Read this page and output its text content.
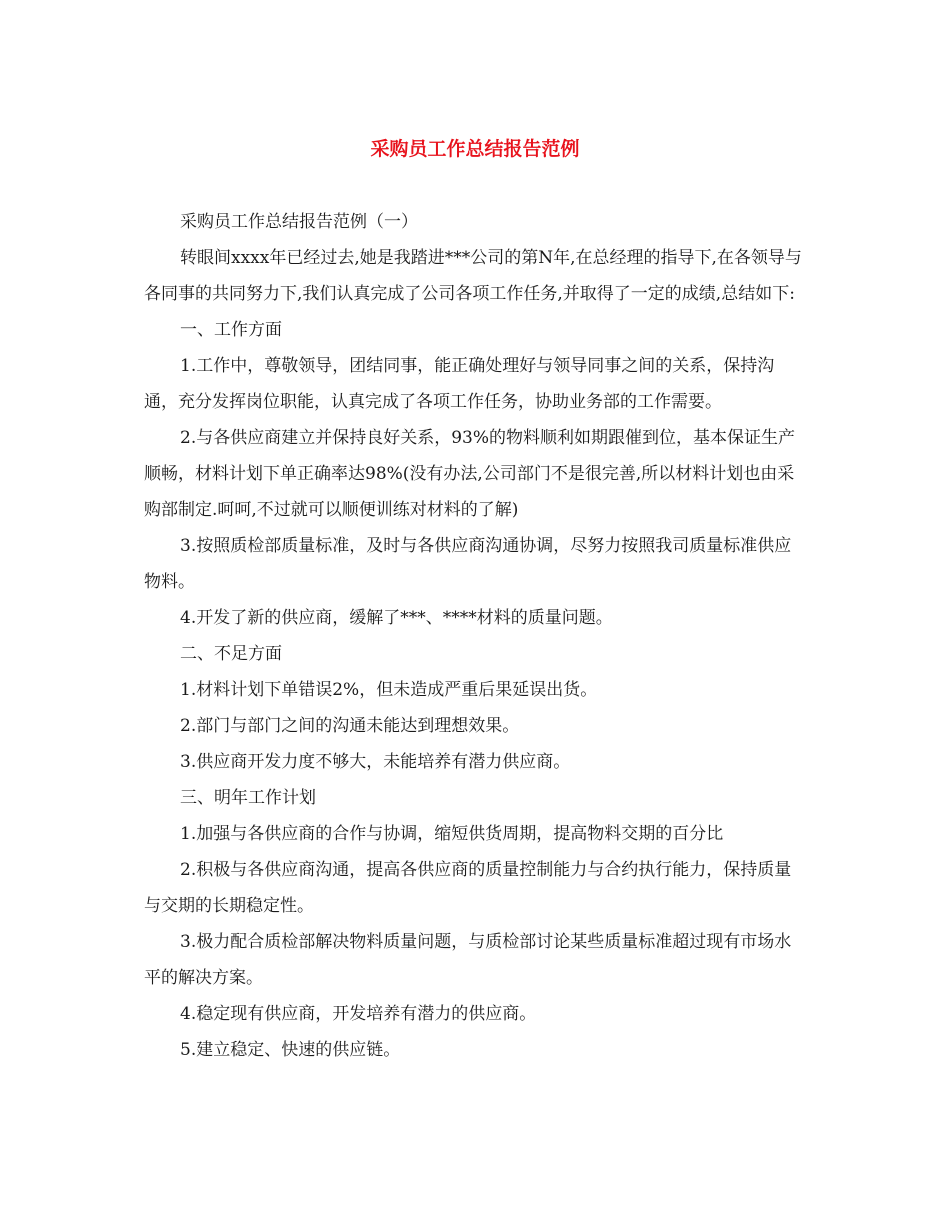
采购员工作总结报告范例

采购员工作总结报告范例（一）

转眼间xxxx年已经过去,她是我踏进***公司的第N年,在总经理的指导下,在各领导与各同事的共同努力下,我们认真完成了公司各项工作任务,并取得了一定的成绩,总结如下:

一、工作方面

1.工作中，尊敬领导，团结同事，能正确处理好与领导同事之间的关系，保持沟通，充分发挥岗位职能，认真完成了各项工作任务，协助业务部的工作需要。

2.与各供应商建立并保持良好关系，93%的物料顺利如期跟催到位，基本保证生产顺畅，材料计划下单正确率达98%(没有办法,公司部门不是很完善,所以材料计划也由采购部制定.呵呵,不过就可以顺便训练对材料的了解)

3.按照质检部质量标准，及时与各供应商沟通协调，尽努力按照我司质量标准供应物料。

4.开发了新的供应商，缓解了***、****材料的质量问题。

二、不足方面

1.材料计划下单错误2%，但未造成严重后果延误出货。

2.部门与部门之间的沟通未能达到理想效果。

3.供应商开发力度不够大，未能培养有潜力供应商。

三、明年工作计划

1.加强与各供应商的合作与协调，缩短供货周期，提高物料交期的百分比

2.积极与各供应商沟通，提高各供应商的质量控制能力与合约执行能力，保持质量与交期的长期稳定性。

3.极力配合质检部解决物料质量问题，与质检部讨论某些质量标准超过现有市场水平的解决方案。

4.稳定现有供应商，开发培养有潜力的供应商。

5.建立稳定、快速的供应链。
